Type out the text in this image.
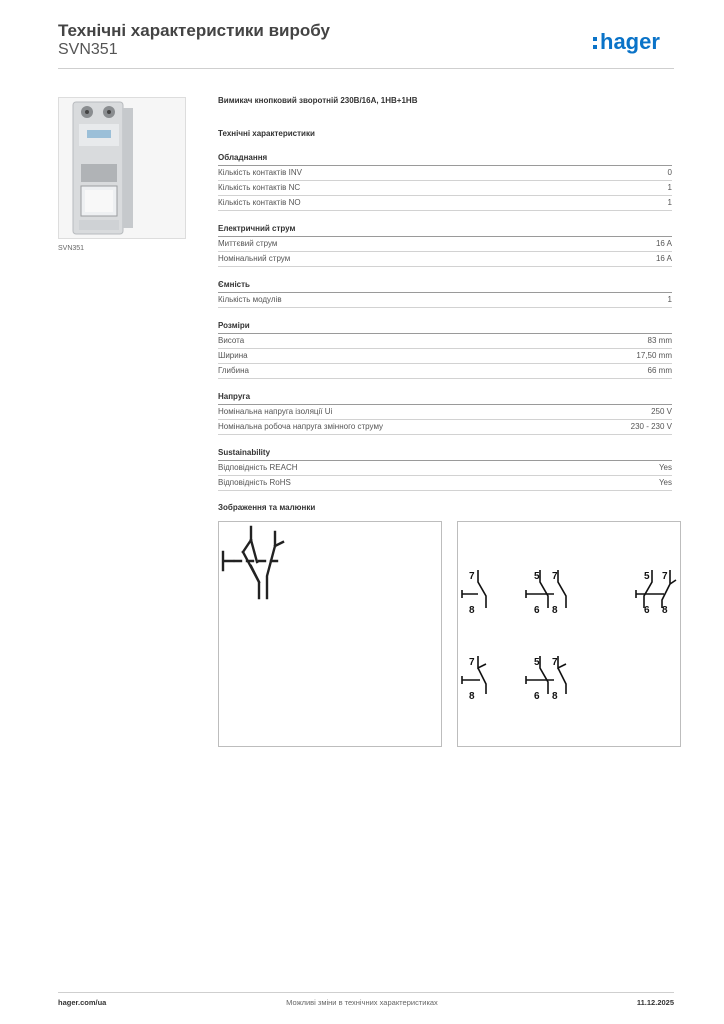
Технічні характеристики виробу
SVN351	hager
SVN351
Вимикач кнопковий зворотній 230В/16А, 1НВ+1НВ
Технічні характеристики
Обладнання
Кількість контактів INV	0
Кількість контактів NC	1
Кількість контактів NO	1
Електричний струм
Миттєвий струм	16 A
Номінальний струм	16 A
Ємність
Кількість модулів	1
Розміри
Висота	83 mm
Ширина	17,50 mm
Глибина	66 mm
Напруга
Номінальна напруга ізоляції Ui	250 V
Номінальна робоча напруга змінного струму	230 - 230 V
Sustainability
Відповідність REACH	Yes
Відповідність RoHS	Yes
Зображення та малюнки
7
8
5 7
6 8
5 7
6 8
7
8
5 7
6 8
hager.com/ua	Можливі зміни в технічних характеристиках	11.12.2025
